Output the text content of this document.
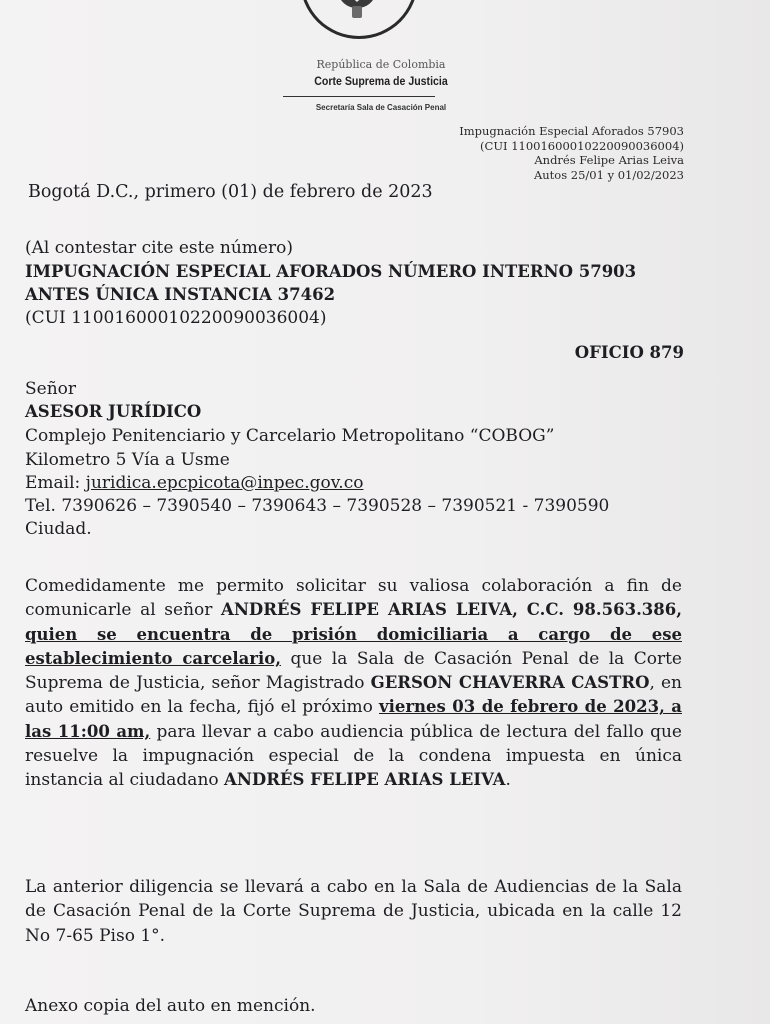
República de Colombia
Corte Suprema de Justicia
Secretaría Sala de Casación Penal
Impugnación Especial Aforados 57903
(CUI 11001600010220090036004)
Andrés Felipe Arias Leiva
Autos 25/01 y 01/02/2023
Bogotá D.C., primero (01) de febrero de 2023
(Al contestar cite este número)
IMPUGNACIÓN ESPECIAL AFORADOS NÚMERO INTERNO 57903
ANTES ÚNICA INSTANCIA 37462
(CUI 11001600010220090036004)
OFICIO 879
Señor
ASESOR JURÍDICO
Complejo Penitenciario y Carcelario Metropolitano “COBOG”
Kilometro 5 Vía a Usme
Email: juridica.epcpicota@inpec.gov.co
Tel. 7390626 – 7390540 – 7390643 – 7390528 – 7390521 - 7390590
Ciudad.
Comedidamente me permito solicitar su valiosa colaboración a fin de comunicarle al señor ANDRÉS FELIPE ARIAS LEIVA, C.C. 98.563.386, quien se encuentra de prisión domiciliaria a cargo de ese establecimiento carcelario, que la Sala de Casación Penal de la Corte Suprema de Justicia, señor Magistrado GERSON CHAVERRA CASTRO, en auto emitido en la fecha, fijó el próximo viernes 03 de febrero de 2023, a las 11:00 am, para llevar a cabo audiencia pública de lectura del fallo que resuelve la impugnación especial de la condena impuesta en única instancia al ciudadano ANDRÉS FELIPE ARIAS LEIVA.
La anterior diligencia se llevará a cabo en la Sala de Audiencias de la Sala de Casación Penal de la Corte Suprema de Justicia, ubicada en la calle 12 No 7-65 Piso 1°.
Anexo copia del auto en mención.
